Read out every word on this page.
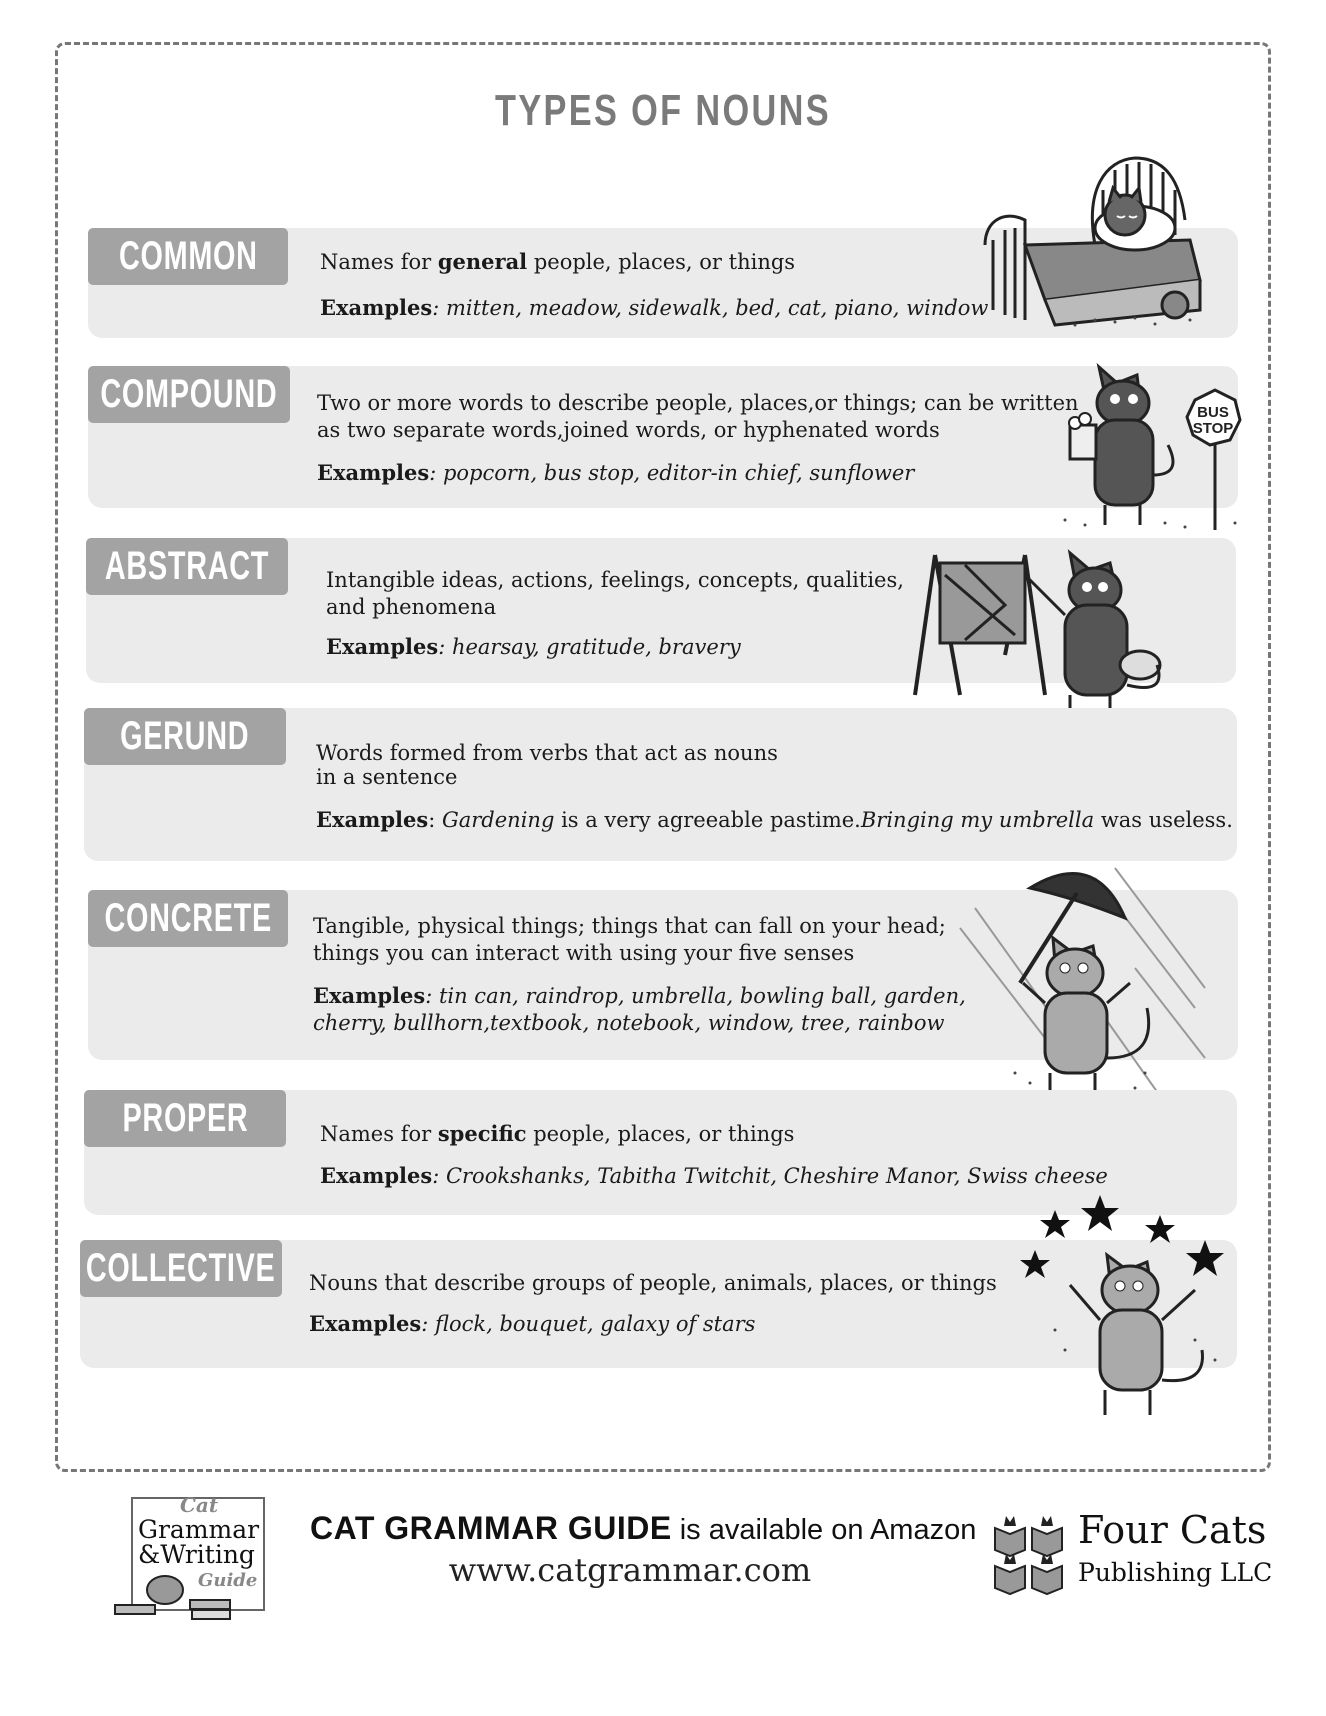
TYPES OF NOUNS
COMMON	Names for general people, places, or things
Examples: mitten, meadow, sidewalk, bed, cat, piano, window
COMPOUND Two or more words to describe people, places,or things; can be written
as two separate words,joined words, or hyphenated words
Examples: popcorn, bus stop, editor-in chief, sunflower
BUS
STOP
ABSTRACT	Intangible ideas, actions, feelings, concepts, qualities,
and phenomena
Examples: hearsay, gratitude, bravery
GERUND	Words formed from verbs that act as nouns
in a sentence
Examples: Gardening is a very agreeable pastime.Bringing my umbrella was useless.
CONCRETE Tangible, physical things; things that can fall on your head;
things you can interact with using your five senses
Examples: tin can, raindrop, umbrella, bowling ball, garden,
cherry, bullhorn,textbook, notebook, window, tree, rainbow
PROPER	Names for specific people, places, or things
Examples: Crookshanks, Tabitha Twitchit, Cheshire Manor, Swiss cheese
COLLECTIVE Nouns that describe groups of people, animals, places, or things
Examples: flock, bouquet, galaxy of stars
Cat
Grammar
&Writing
Guide
CAT GRAMMAR GUIDE is available on Amazon
www.catgrammar.com
Four Cats
Publishing LLC
